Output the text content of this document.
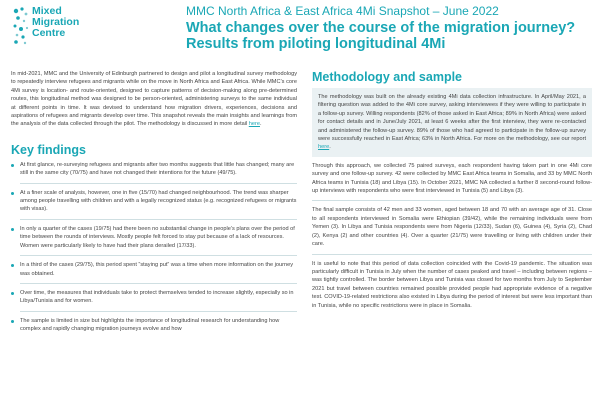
Mixed
Migration
Centre
MMC North Africa & East Africa 4Mi Snapshot – June 2022
What changes over the course of the migration journey? Results from piloting longitudinal 4Mi

In mid-2021, MMC and the University of Edinburgh partnered to design and pilot a longitudinal survey methodology to repeatedly interview refugees and migrants while on the move in North Africa and East Africa. While MMC’s core 4Mi survey is location- and route-oriented, designed to capture patterns of decision-making along pre-determined routes, this longitudinal method was designed to be person-oriented, administering surveys to the same individual at different points in time. It was devised to understand how migration drivers, experiences, decisions and aspirations of refugees and migrants develop over time. This snapshot reveals the main insights and learnings from the analysis of the data collected through the pilot. The methodology is discussed in more detail here.

Key findings
At first glance, re-surveying refugees and migrants after two months suggests that little has changed; many are still in the same city (70/75) and have not changed their intentions for the future (49/75).
At a finer scale of analysis, however, one in five (15/70) had changed neighbourhood. The trend was sharper among people travelling with children and with a legally recognized status (e.g. recognized refugees or migrants with visas).
In only a quarter of the cases (19/75) had there been no substantial change in people’s plans over the period of time between the rounds of interviews. Mostly people felt forced to stay put because of a lack of resources. Women were particularly likely to have had their plans derailed (17/33).
In a third of the cases (29/75), this period spent “staying put” was a time when more information on the journey was obtained.
Over time, the measures that individuals take to protect themselves tended to increase slightly, especially so in Libya/Tunisia and for women.
The sample is limited in size but highlights the importance of longitudinal research for understanding how complex and rapidly changing migration journeys evolve and how
Methodology and sample

The methodology was built on the already existing 4Mi data collection infrastructure. In April/May 2021, a filtering question was added to the 4Mi core survey, asking interviewees if they were willing to participate in a follow-up survey. Willing respondents (82% of those asked in East Africa; 89% in North Africa) were asked for contact details and in June/July 2021, at least 6 weeks after the first interview, they were re-contacted and administered the follow-up survey. 89% of those who had agreed to participate in the follow-up survey were successfully reached in East Africa; 63% in North Africa. For more on the methodology, see our report here.

Through this approach, we collected 75 paired surveys, each respondent having taken part in one 4Mi core survey and one follow-up survey. 42 were collected by MMC East Africa teams in Somalia, and 33 by MMC North Africa teams in Tunisia (18) and Libya (15). In October 2021, MMC NA collected a further 8 second-round follow-up interviews with respondents who were first interviewed in Tunisia (5) and Libya (3).

The final sample consists of 42 men and 33 women, aged between 18 and 70 with an average age of 31. Close to all respondents interviewed in Somalia were Ethiopian (39/42), while the remaining individuals were from Yemen (3). In Libya and Tunisia respondents were from Nigeria (12/33), Sudan (6), Guinea (4), Syria (2), Chad (2), Kenya (2) and other countries (4). Over a quarter (21/75) were travelling or living with children under their care.

It is useful to note that this period of data collection coincided with the Covid-19 pandemic. The situation was particularly difficult in Tunisia in July when the number of cases peaked and travel – including between regions – was tightly controlled. The border between Libya and Tunisia was closed for two months from July to September 2021 but travel between countries remained possible provided people had appropriate evidence of a negative test. COVID-19-related restrictions also existed in Libya during the period of interest but were less important than in Tunisia, while no specific restrictions were in place in Somalia.
